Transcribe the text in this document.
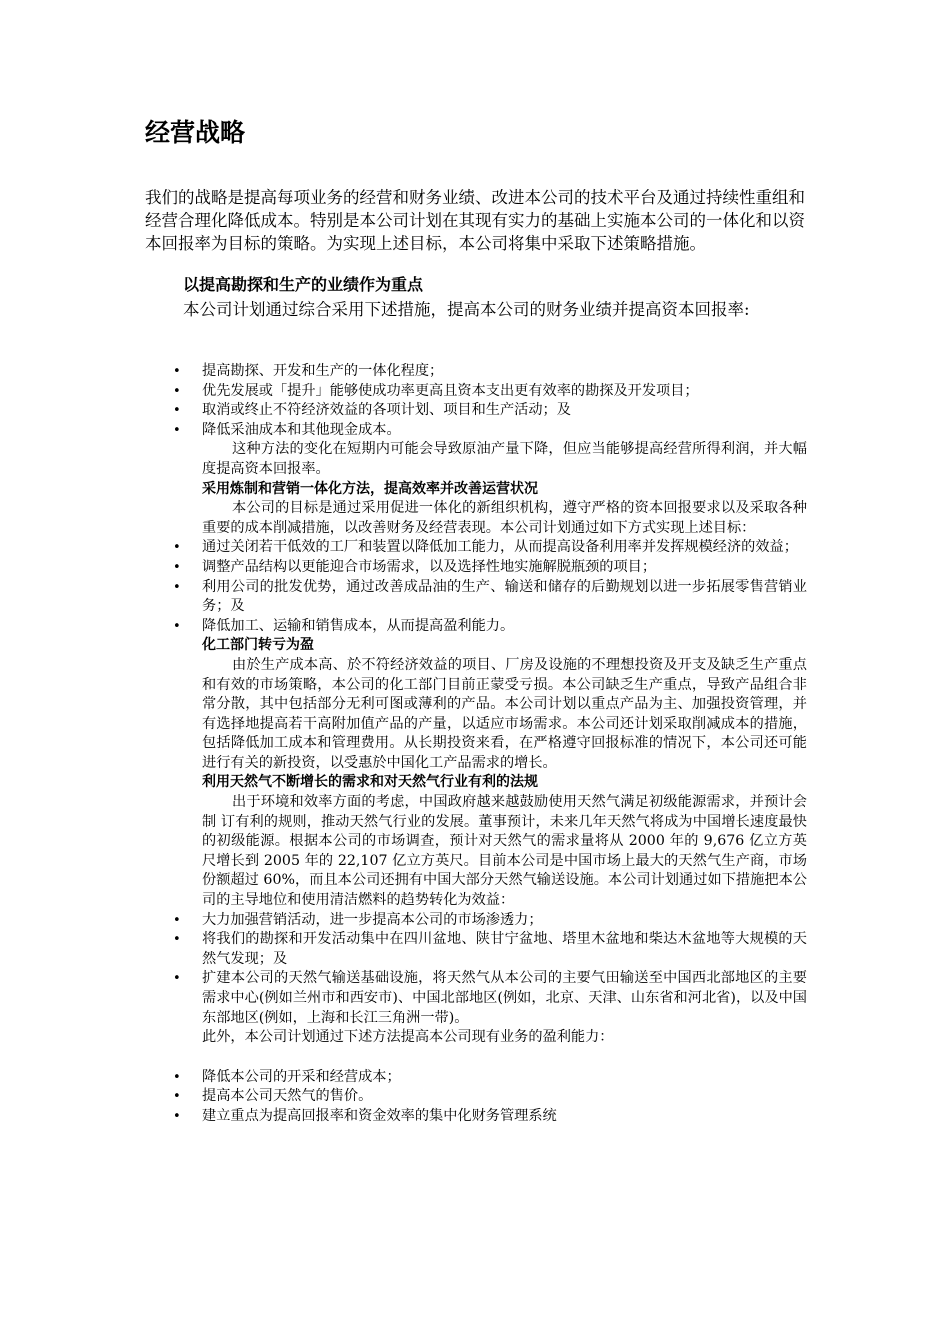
经营战略

我们的战略是提高每项业务的经营和财务业绩、改进本公司的技术平台及通过持续性重组和经营合理化降低成本。特别是本公司计划在其现有实力的基础上实施本公司的一体化和以资本回报率为目标的策略。为实现上述目标，本公司将集中采取下述策略措施。

以提高勘探和生产的业绩作为重点

本公司计划通过综合采用下述措施，提高本公司的财务业绩并提高资本回报率:

• 提高勘探、开发和生产的一体化程度；
• 优先发展或「提升」能够使成功率更高且资本支出更有效率的勘探及开发项目；
• 取消或终止不符经济效益的各项计划、项目和生产活动；及
• 降低采油成本和其他现金成本。

这种方法的变化在短期内可能会导致原油产量下降，但应当能够提高经营所得利润，并大幅度提高资本回报率。

采用炼制和营销一体化方法，提高效率并改善运营状况

本公司的目标是通过采用促进一体化的新组织机构，遵守严格的资本回报要求以及采取各种重要的成本削减措施，以改善财务及经营表现。本公司计划通过如下方式实现上述目标：

• 通过关闭若干低效的工厂和装置以降低加工能力，从而提高设备利用率并发挥规模经济的效益；
• 调整产品结构以更能迎合市场需求，以及选择性地实施解脱瓶颈的项目；
• 利用公司的批发优势，通过改善成品油的生产、输送和储存的后勤规划以进一步拓展零售营销业务；及
• 降低加工、运输和销售成本，从而提高盈利能力。
化工部门转亏为盈

由於生产成本高、於不符经济效益的项目、厂房及设施的不理想投资及开支及缺乏生产重点和有效的市场策略，本公司的化工部门目前正蒙受亏损。本公司缺乏生产重点，导致产品组合非常分散，其中包括部分无利可图或薄利的产品。本公司计划以重点产品为主、加强投资管理，并有选择地提高若干高附加值产品的产量，以适应市场需求。本公司还计划采取削减成本的措施，包括降低加工成本和管理费用。从长期投资来看，在严格遵守回报标准的情况下，本公司还可能进行有关的新投资，以受惠於中国化工产品需求的增长。

利用天然气不断增长的需求和对天然气行业有利的法规

出于环境和效率方面的考虑，中国政府越来越鼓励使用天然气满足初级能源需求，并预计会制 订有利的规则，推动天然气行业的发展。董事预计，未来几年天然气将成为中国增长速度最快的初级能源。根据本公司的市场调查，预计对天然气的需求量将从 2000 年的 9,676 亿立方英尺增长到 2005 年的 22,107 亿立方英尺。目前本公司是中国市场上最大的天然气生产商，市场份额超过 60%，而且本公司还拥有中国大部分天然气输送设施。本公司计划通过如下措施把本公司的主导地位和使用清洁燃料的趋势转化为效益：

• 大力加强营销活动，进一步提高本公司的市场渗透力；
• 将我们的勘探和开发活动集中在四川盆地、陕甘宁盆地、塔里木盆地和柴达木盆地等大规模的天然气发现；及
• 扩建本公司的天然气输送基础设施，将天然气从本公司的主要气田输送至中国西北部地区的主要需求中心(例如兰州市和西安市)、中国北部地区(例如，北京、天津、山东省和河北省)，以及中国东部地区(例如，上海和长江三角洲一带)。

此外，本公司计划通过下述方法提高本公司现有业务的盈利能力：

• 降低本公司的开采和经营成本；
• 提高本公司天然气的售价。
• 建立重点为提高回报率和资金效率的集中化财务管理系统
